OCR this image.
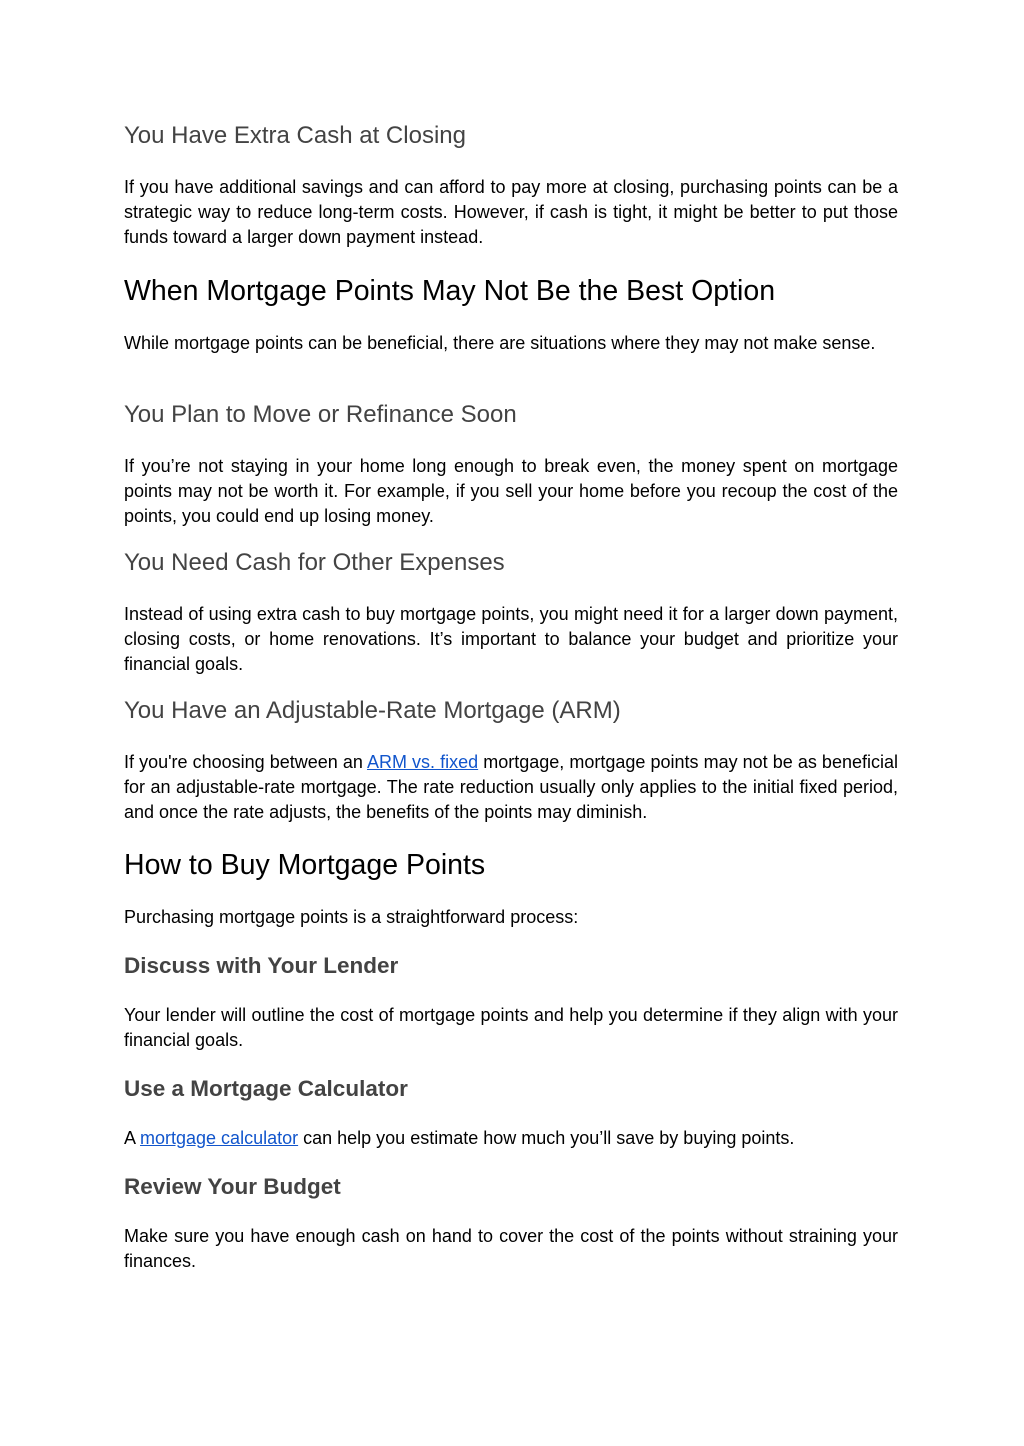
You Have Extra Cash at Closing

If you have additional savings and can afford to pay more at closing, purchasing points can be a strategic way to reduce long-term costs. However, if cash is tight, it might be better to put those funds toward a larger down payment instead.

When Mortgage Points May Not Be the Best Option

While mortgage points can be beneficial, there are situations where they may not make sense.

You Plan to Move or Refinance Soon

If you’re not staying in your home long enough to break even, the money spent on mortgage points may not be worth it. For example, if you sell your home before you recoup the cost of the points, you could end up losing money.

You Need Cash for Other Expenses

Instead of using extra cash to buy mortgage points, you might need it for a larger down payment, closing costs, or home renovations. It’s important to balance your budget and prioritize your financial goals.

You Have an Adjustable-Rate Mortgage (ARM)

If you're choosing between an ARM vs. fixed mortgage, mortgage points may not be as beneficial for an adjustable-rate mortgage. The rate reduction usually only applies to the initial fixed period, and once the rate adjusts, the benefits of the points may diminish.

How to Buy Mortgage Points

Purchasing mortgage points is a straightforward process:

Discuss with Your Lender

Your lender will outline the cost of mortgage points and help you determine if they align with your financial goals.

Use a Mortgage Calculator

A mortgage calculator can help you estimate how much you’ll save by buying points.

Review Your Budget

Make sure you have enough cash on hand to cover the cost of the points without straining your finances.
